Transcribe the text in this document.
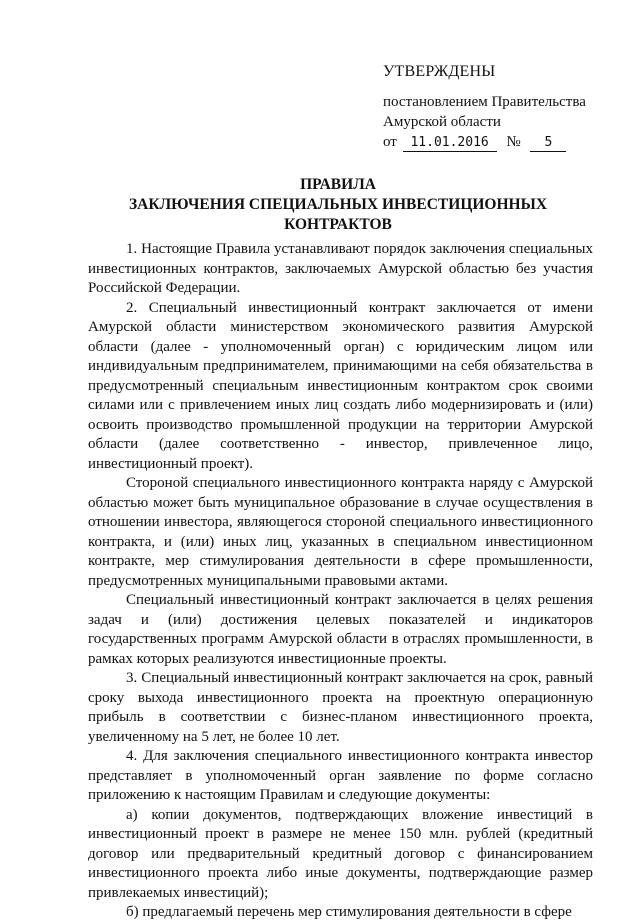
УТВЕРЖДЕНЫ
постановлением Правительства
Амурской области
от 11.01.2016 № 5
ПРАВИЛА
ЗАКЛЮЧЕНИЯ СПЕЦИАЛЬНЫХ ИНВЕСТИЦИОННЫХ КОНТРАКТОВ

1. Настоящие Правила устанавливают порядок заключения специальных инвестиционных контрактов, заключаемых Амурской областью без участия Российской Федерации.

2. Специальный инвестиционный контракт заключается от имени Амурской области министерством экономического развития Амурской области (далее - уполномоченный орган) с юридическим лицом или индивидуальным предпринимателем, принимающими на себя обязательства в предусмотренный специальным инвестиционным контрактом срок своими силами или с привлечением иных лиц создать либо модернизировать и (или) освоить производство промышленной продукции на территории Амурской области (далее соответственно - инвестор, привлеченное лицо, инвестиционный проект).

Стороной специального инвестиционного контракта наряду с Амурской областью может быть муниципальное образование в случае осуществления в отношении инвестора, являющегося стороной специального инвестиционного контракта, и (или) иных лиц, указанных в специальном инвестиционном контракте, мер стимулирования деятельности в сфере промышленности, предусмотренных муниципальными правовыми актами.

Специальный инвестиционный контракт заключается в целях решения задач и (или) достижения целевых показателей и индикаторов государственных программ Амурской области в отраслях промышленности, в рамках которых реализуются инвестиционные проекты.

3. Специальный инвестиционный контракт заключается на срок, равный сроку выхода инвестиционного проекта на проектную операционную прибыль в соответствии с бизнес-планом инвестиционного проекта, увеличенному на 5 лет, не более 10 лет.

4. Для заключения специального инвестиционного контракта инвестор представляет в уполномоченный орган заявление по форме согласно приложению к настоящим Правилам и следующие документы:

а) копии документов, подтверждающих вложение инвестиций в инвестиционный проект в размере не менее 150 млн. рублей (кредитный договор или предварительный кредитный договор с финансированием инвестиционного проекта либо иные документы, подтверждающие размер привлекаемых инвестиций);

б) предлагаемый перечень мер стимулирования деятельности в сфере
